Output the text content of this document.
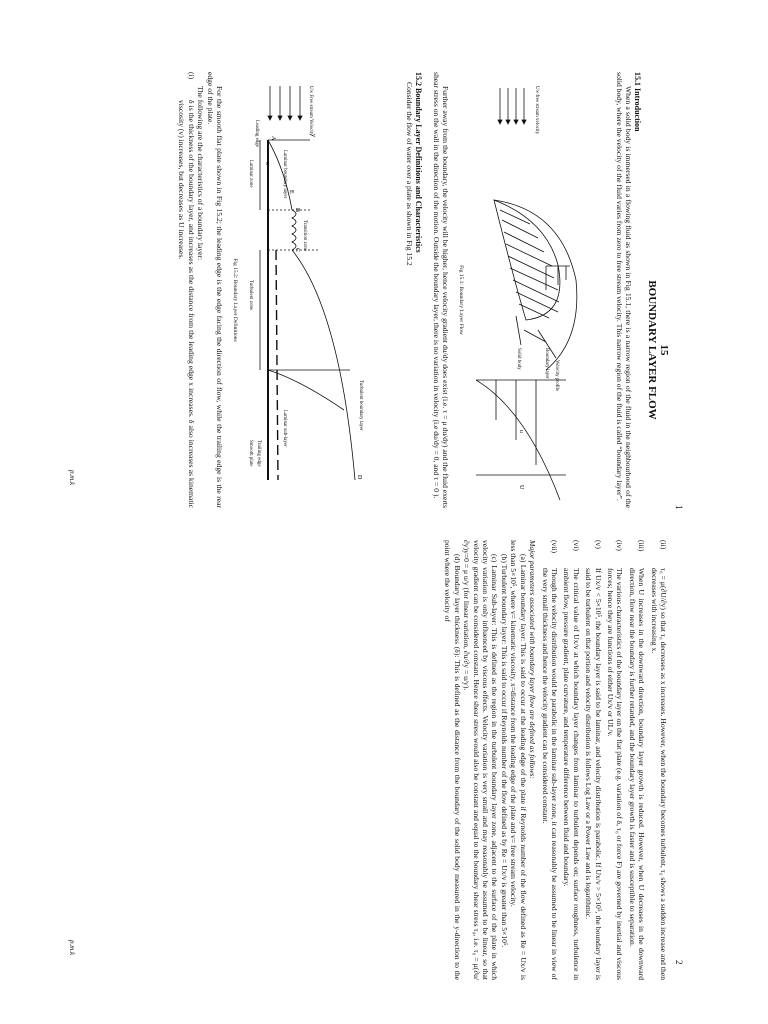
1
15
BOUNDARY LAYER FLOW

15.1 Introduction

When a solid body is immersed in a flowing fluid as shown in Fig 15.1, there is a narrow region of the fluid in the neighbourhood of the solid body, where the velocity of the fluid varies from zero to free stream velocity. This narrow region of the fluid is called “boundary layer”.

U∞ free stream velocity
Boundary layer Velocity profile
Solid body
u
U
Fig 15.1: Boundary Layer Flow

Further away from the boundary, the velocity will be higher, hence velocity gradient du/dy does exist (i.e. τ = μ du/dy) and the fluid exerts shear stress on the wall in the direction of the motion. Outside the boundary layer, there is no variation in velocity (i.e du/dy = 0, and τ = 0 ).

15.2 Boundary Layer Definitions and Characteristics

Consider the flow of water over a plate as shown in Fig 15.2

U∞ Free stream Velocity
Turbulent boundary layer
Transition zone
Laminar boundary layer
Laminar sub-layer
Leading edge
Trailing edge
Smooth plate
Laminar zone
Turbulent zone
x
y
A
B
E
C
D
Fig 15.2: Boundary Layer Definitions

For the smooth flat plate shown in Fig 15.2; the leading edge is the edge facing the direction of flow, while the trailing edge is the rear edge of the plate.

The following are the characteristics of a boundary layer:

(i)
δ is the thickness of the boundary layer, and increases as the distance from the leading edge x increases. δ also increases as kinematic viscosity (v) increases, but decreases as U increases.
p.m.k
2
(ii)
τ₀ = μ(∂U/∂y) so that τ₀ decreases as x increases. However, when the boundary becomes turbulent, τ₀ shows a sudden increase and then decreases with increasing x.
(iii)
When U increases in the downward direction, boundary layer growth is reduced. However, when U decreases in the downward direction, flow near the boundary is further retarded, and the boundary layer growth is faster and is susceptible to separation.
(iv)
The various characteristics of the boundary layer on the flat plate (e.g. variation of δ, τ₀ or force F) are governed by inertial and viscous forces; hence they are functions of either Ux/v or UL/v.
(v)
If Ux/v < 5×10⁵, the boundary layer is said to be laminar, and velocity distribution is parabolic. If Ux/v > 5×10⁵, the boundary layer is said to be turbulent on that portion and velocity distribution is follows Log Law or a Power Law and is logarithmic.
(vi)
The critical value of Ux/v at which boundary layer changes from laminar to turbulent depends on; surface roughness, turbulence in ambient flow, pressure gradient, plate curvature, and temperature difference between fluid and boundary.
(vii)
Though the velocity distribution would be parabolic in the laminar sub-layer zone, it can reasonably be assumed to be linear in view of the very small thickness and hence the velocity gradient can be considered constant.

Major parameters associated with boundary layer flow are defined as follows:

(a) Laminar boundary layer: This is said to occur at the leading edge of the plate if Reynolds number of the flow defined as Re = Ux/v is less than 5×10⁵, where v= kinematic viscosity, x=distance from the leading edge of the plate and v= free stream velocity.

(b) Turbulent boundary layer: This is said to occur if Reynolds number of the flow defined as by Re = Ux/v is greater than 5×10⁵.

(c) Laminar Sub-layer: This is defined as the region in the turbulent boundary layer zone, adjacent to the surface of the plate in which velocity variation is only influenced by viscous effects. Velocity variation is very small and may reasonably be assumed to be linear, so that velocity gradient can be considered constant. Hence shear stress would also be constant and equal to the boundary shear stress τ₀, i.e. τ₀ = μ(∂u/∂y)y=0 = μ u/y (for linear variation, ∂u/∂y = u/y).

(d) Boundary layer thickness (δ): This is defined as the distance from the boundary of the solid body measured in the y-direction to the point where the velocity of

p.m.k
